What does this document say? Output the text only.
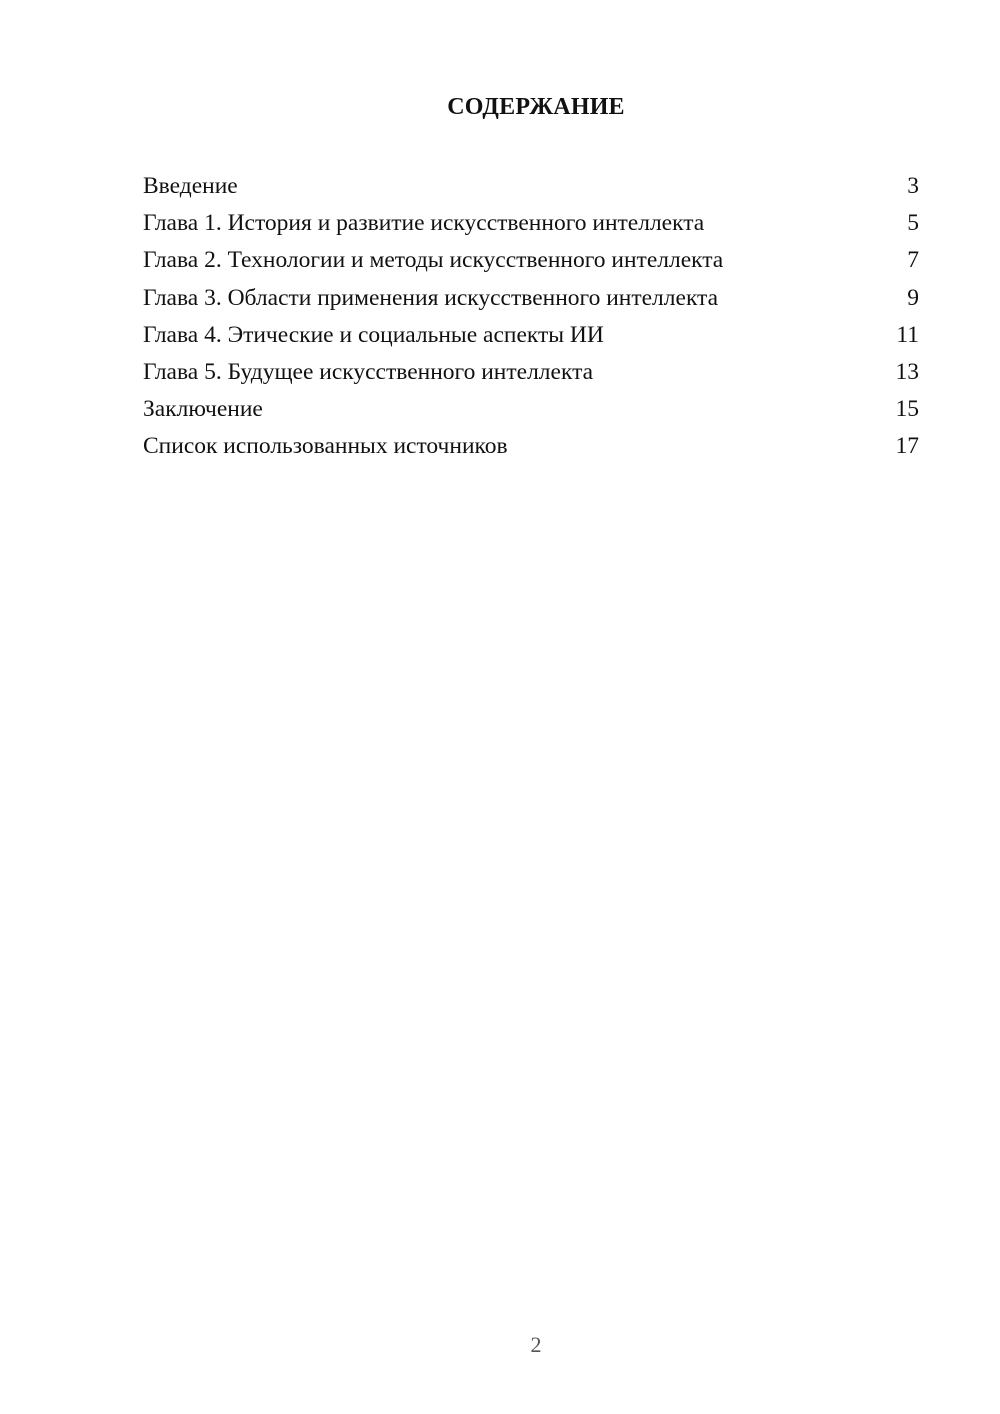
СОДЕРЖАНИЕ
Введение	3
Глава 1. История и развитие искусственного интеллекта	5
Глава 2. Технологии и методы искусственного интеллекта	7
Глава 3. Области применения искусственного интеллекта	9
Глава 4. Этические и социальные аспекты ИИ	11
Глава 5. Будущее искусственного интеллекта	13
Заключение	15
Список использованных источников	17

2
